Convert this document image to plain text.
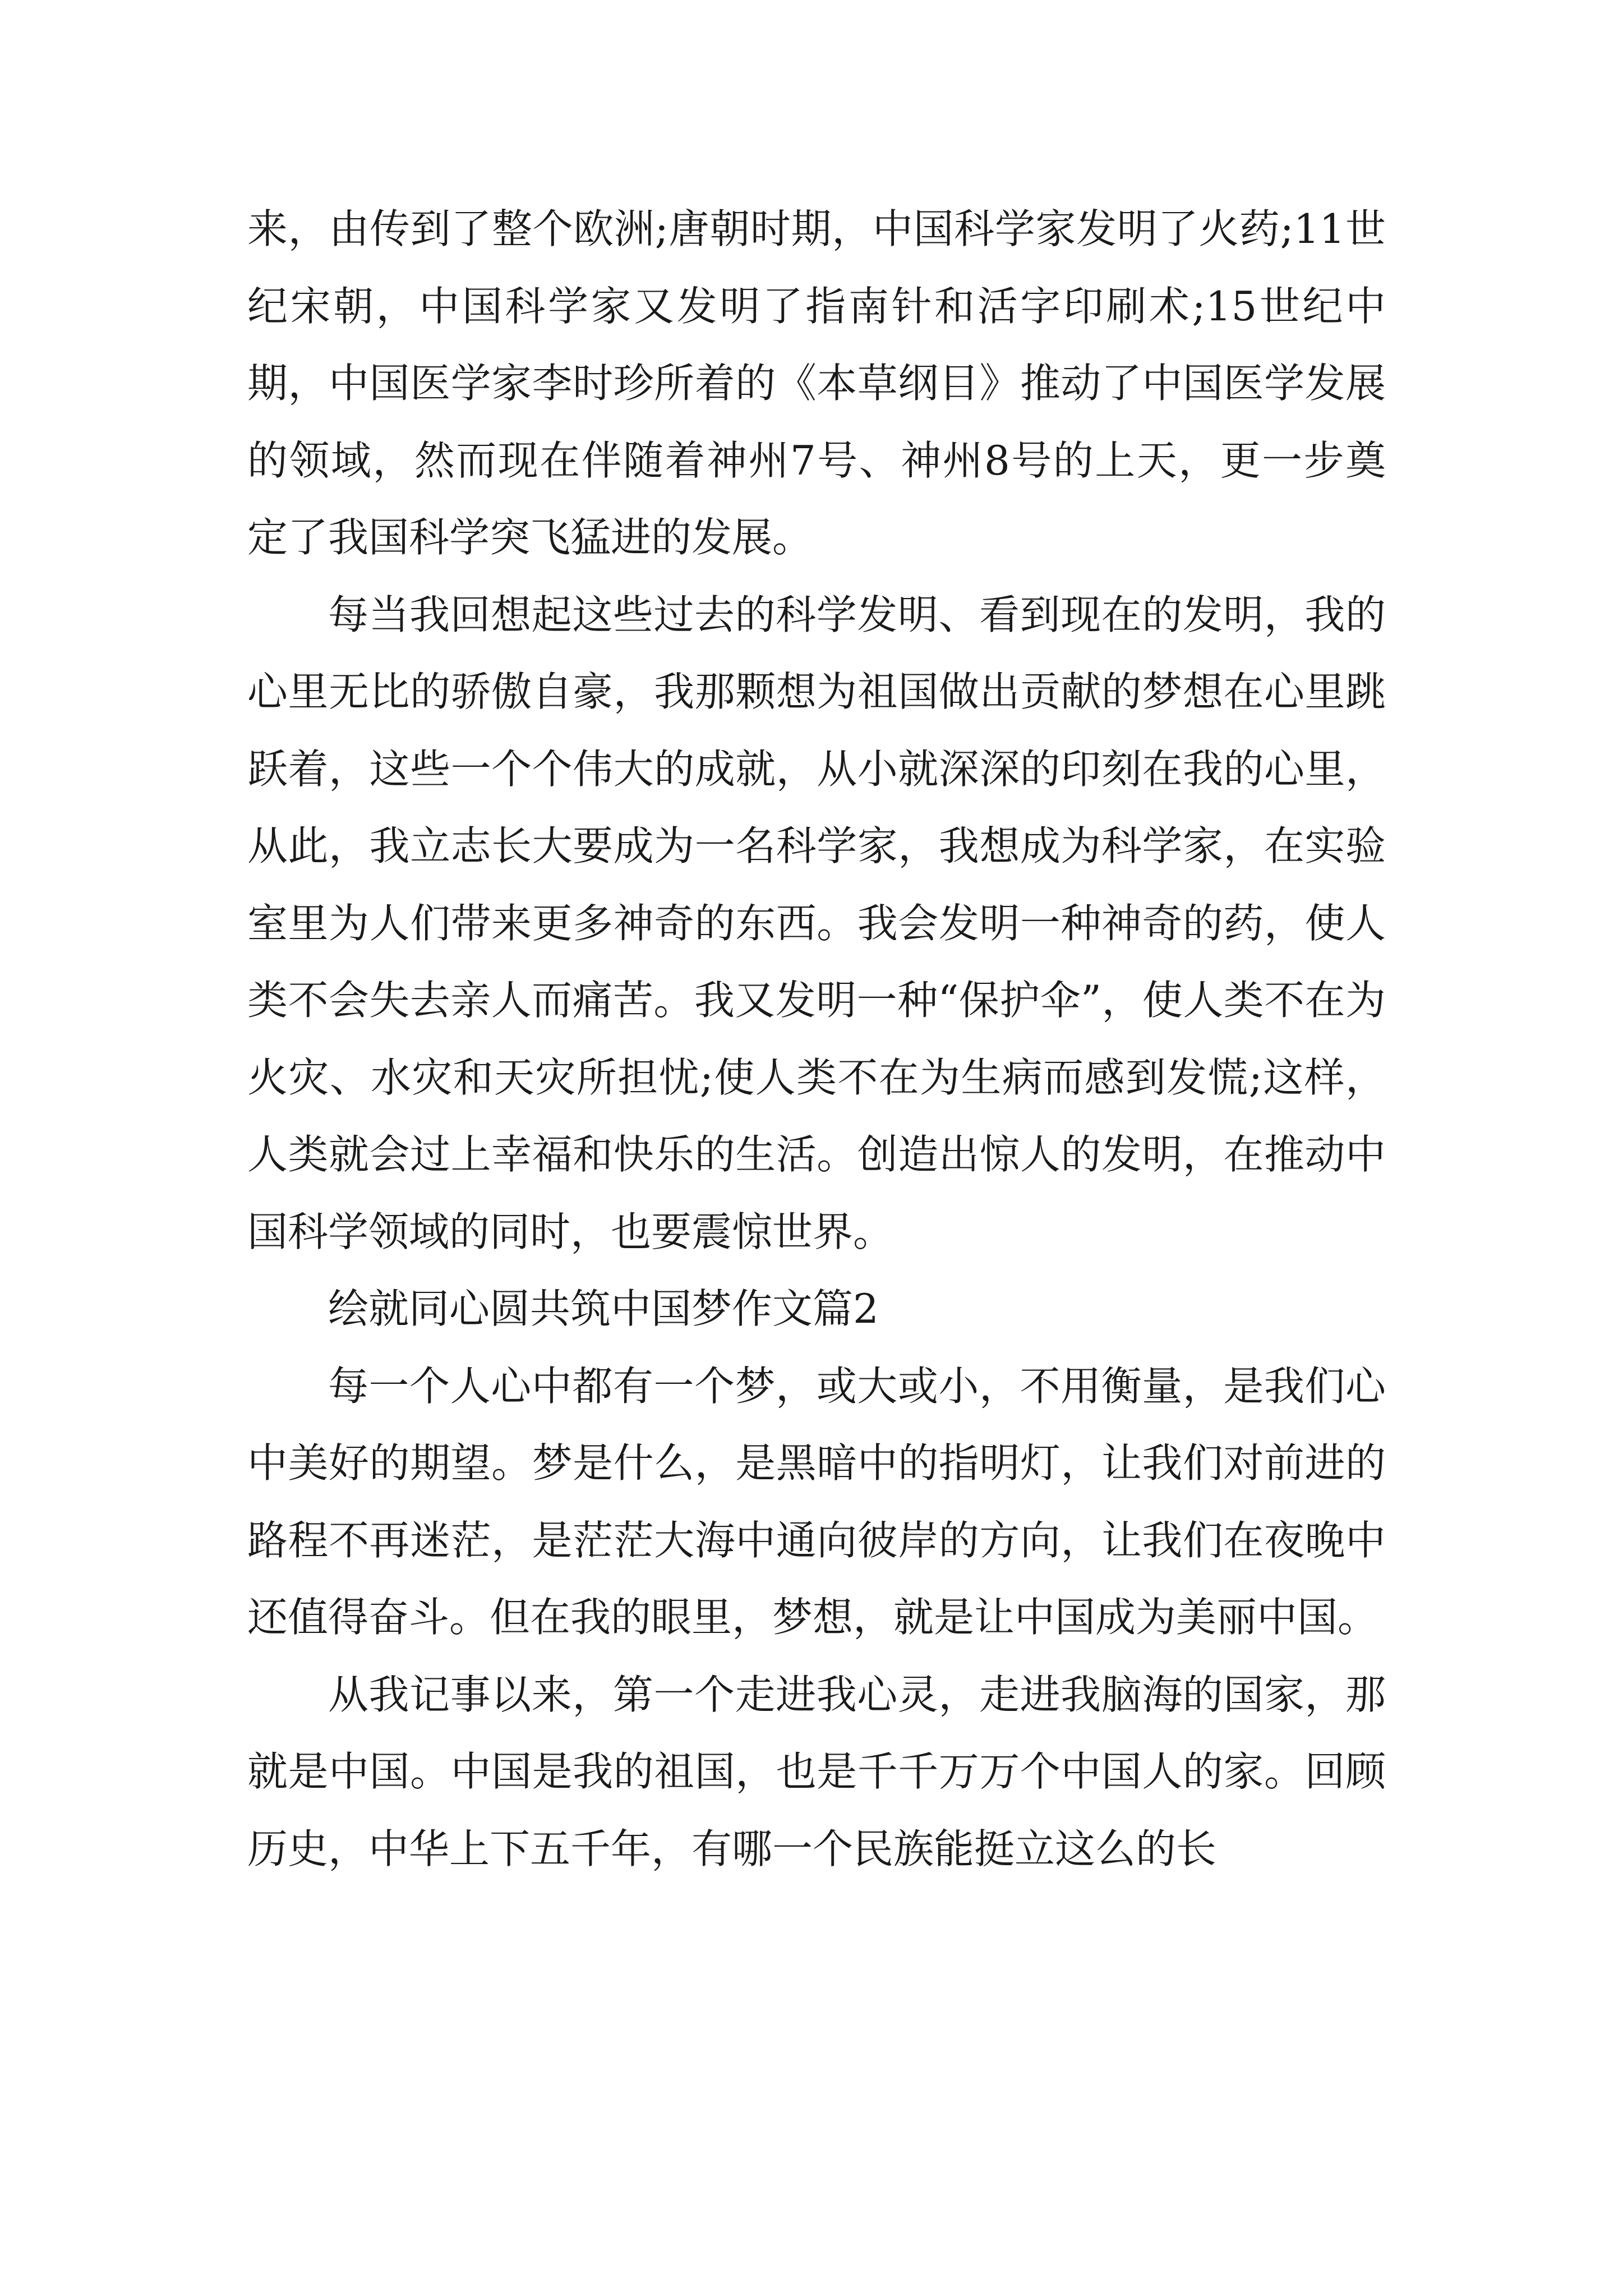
来，由传到了整个欧洲;唐朝时期，中国科学家发明了火药;11世纪宋朝，中国科学家又发明了指南针和活字印刷术;15世纪中期，中国医学家李时珍所着的《本草纲目》推动了中国医学发展的领域，然而现在伴随着神州7号、神州8号的上天，更一步奠定了我国科学突飞猛进的发展。

每当我回想起这些过去的科学发明、看到现在的发明，我的心里无比的骄傲自豪，我那颗想为祖国做出贡献的梦想在心里跳跃着，这些一个个伟大的成就，从小就深深的印刻在我的心里，从此，我立志长大要成为一名科学家，我想成为科学家，在实验室里为人们带来更多神奇的东西。我会发明一种神奇的药，使人类不会失去亲人而痛苦。我又发明一种“保护伞”，使人类不在为火灾、水灾和天灾所担忧;使人类不在为生病而感到发慌;这样，人类就会过上幸福和快乐的生活。创造出惊人的发明，在推动中国科学领域的同时，也要震惊世界。

绘就同心圆共筑中国梦作文篇2

每一个人心中都有一个梦，或大或小，不用衡量，是我们心中美好的期望。梦是什么，是黑暗中的指明灯，让我们对前进的路程不再迷茫，是茫茫大海中通向彼岸的方向，让我们在夜晚中还值得奋斗。但在我的眼里，梦想，就是让中国成为美丽中国。

从我记事以来，第一个走进我心灵，走进我脑海的国家，那就是中国。中国是我的祖国，也是千千万万个中国人的家。回顾历史，中华上下五千年，有哪一个民族能挺立这么的长
